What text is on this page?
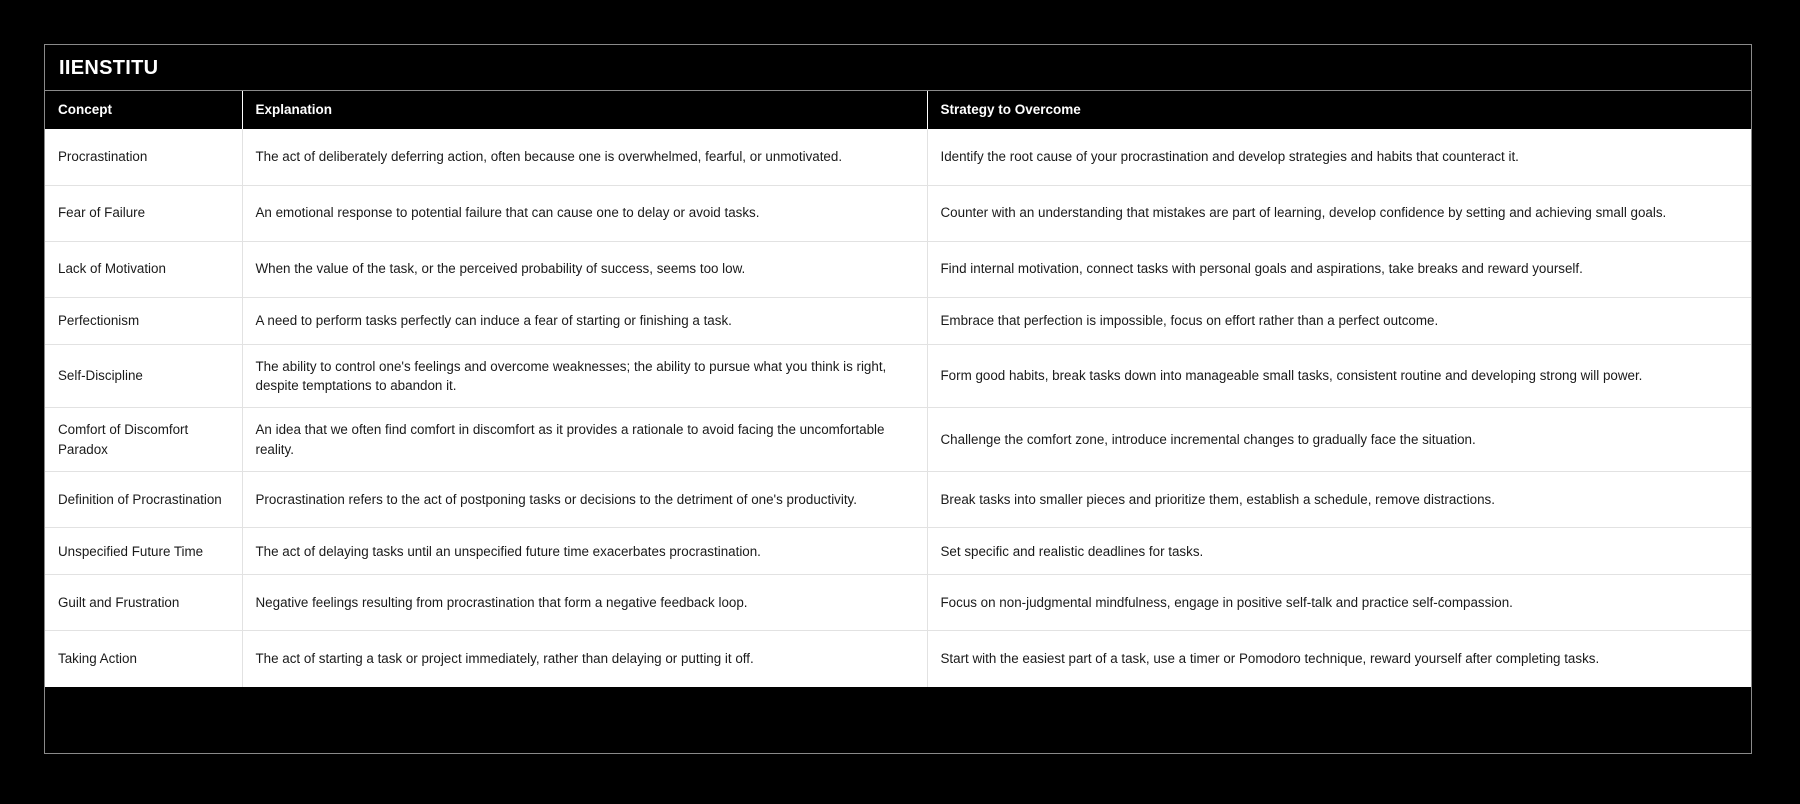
IIENSTITU
Concept	Explanation	Strategy to Overcome
Procrastination	The act of deliberately deferring action, often because one is overwhelmed, fearful, or unmotivated.	Identify the root cause of your procrastination and develop strategies and habits that counteract it.
Fear of Failure	An emotional response to potential failure that can cause one to delay or avoid tasks.	Counter with an understanding that mistakes are part of learning, develop confidence by setting and achieving small goals.
Lack of Motivation	When the value of the task, or the perceived probability of success, seems too low.	Find internal motivation, connect tasks with personal goals and aspirations, take breaks and reward yourself.
Perfectionism	A need to perform tasks perfectly can induce a fear of starting or finishing a task.	Embrace that perfection is impossible, focus on effort rather than a perfect outcome.
Self-Discipline	The ability to control one's feelings and overcome weaknesses; the ability to pursue what you think is right, despite temptations to abandon it.	Form good habits, break tasks down into manageable small tasks, consistent routine and developing strong will power.
Comfort of Discomfort Paradox	An idea that we often find comfort in discomfort as it provides a rationale to avoid facing the uncomfortable reality.	Challenge the comfort zone, introduce incremental changes to gradually face the situation.
Definition of Procrastination	Procrastination refers to the act of postponing tasks or decisions to the detriment of one's productivity.	Break tasks into smaller pieces and prioritize them, establish a schedule, remove distractions.
Unspecified Future Time	The act of delaying tasks until an unspecified future time exacerbates procrastination.	Set specific and realistic deadlines for tasks.
Guilt and Frustration	Negative feelings resulting from procrastination that form a negative feedback loop.	Focus on non-judgmental mindfulness, engage in positive self-talk and practice self-compassion.
Taking Action	The act of starting a task or project immediately, rather than delaying or putting it off.	Start with the easiest part of a task, use a timer or Pomodoro technique, reward yourself after completing tasks.
